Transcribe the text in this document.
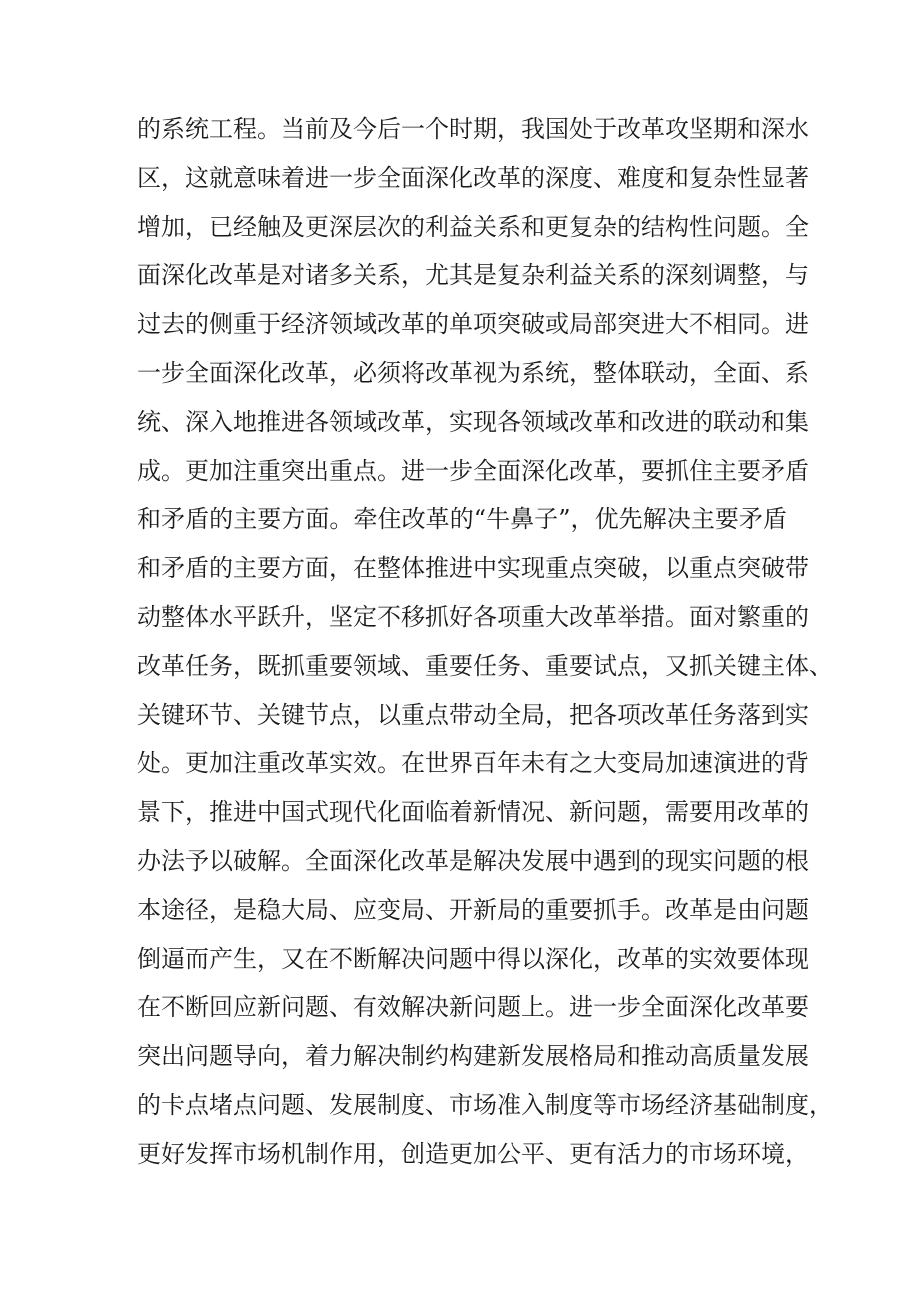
的系统工程。当前及今后一个时期，我国处于改革攻坚期和深水
区，这就意味着进一步全面深化改革的深度、难度和复杂性显著
增加，已经触及更深层次的利益关系和更复杂的结构性问题。全
面深化改革是对诸多关系，尤其是复杂利益关系的深刻调整，与
过去的侧重于经济领域改革的单项突破或局部突进大不相同。进
一步全面深化改革，必须将改革视为系统，整体联动，全面、系
统、深入地推进各领域改革，实现各领域改革和改进的联动和集
成。更加注重突出重点。进一步全面深化改革，要抓住主要矛盾
和矛盾的主要方面。牵住改革的“牛鼻子”，优先解决主要矛盾
和矛盾的主要方面，在整体推进中实现重点突破，以重点突破带
动整体水平跃升，坚定不移抓好各项重大改革举措。面对繁重的
改革任务，既抓重要领域、重要任务、重要试点，又抓关键主体、
关键环节、关键节点，以重点带动全局，把各项改革任务落到实
处。更加注重改革实效。在世界百年未有之大变局加速演进的背
景下，推进中国式现代化面临着新情况、新问题，需要用改革的
办法予以破解。全面深化改革是解决发展中遇到的现实问题的根
本途径，是稳大局、应变局、开新局的重要抓手。改革是由问题
倒逼而产生，又在不断解决问题中得以深化，改革的实效要体现
在不断回应新问题、有效解决新问题上。进一步全面深化改革要
突出问题导向，着力解决制约构建新发展格局和推动高质量发展
的卡点堵点问题、发展制度、市场准入制度等市场经济基础制度，
更好发挥市场机制作用，创造更加公平、更有活力的市场环境，
